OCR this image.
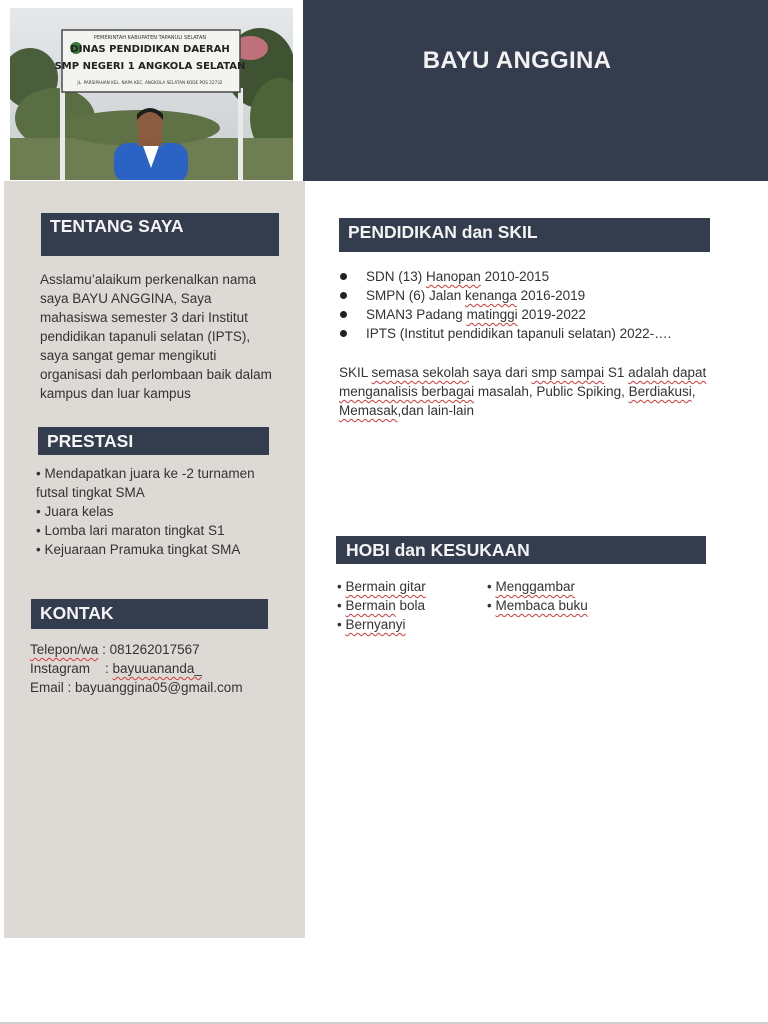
BAYU ANGGINA
PEMERINTAH KABUPATEN TAPANULI SELATAN
DINAS PENDIDIKAN DAERAH
SMP NEGERI 1 ANGKOLA SELATAN
JL. PARSIPAHAN KEL. NAPA KEC. ANGKOLA SELATAN KODE POS 22732
TENTANG SAYA
Asslamu’alaikum perkenalkan nama
saya BAYU ANGGINA, Saya
mahasiswa semester 3 dari Institut
pendidikan tapanuli selatan (IPTS),
saya sangat gemar mengikuti
organisasi dah perlombaan baik dalam
kampus dan luar kampus
PRESTASI
• Mendapatkan juara ke -2 turnamen
futsal tingkat SMA
• Juara kelas
• Lomba lari maraton tingkat S1
• Kejuaraan Pramuka tingkat SMA
KONTAK
Telepon/wa : 081262017567
Instagram    : bayuuananda_
Email : bayuanggina05@gmail.com
PENDIDIKAN dan SKIL
SDN (13) Hanopan 2010-2015
SMPN (6) Jalan kenanga 2016-2019
SMAN3 Padang matinggi 2019-2022
IPTS (Institut pendidikan tapanuli selatan) 2022-….
SKIL semasa sekolah saya dari smp sampai S1 adalah dapat
menganalisis berbagai masalah, Public Spiking, Berdiakusi,
Memasak,dan lain-lain
HOBI dan KESUKAAN
• Bermain gitar
• Bermain bola
• Bernyanyi
• Menggambar
• Membaca buku
